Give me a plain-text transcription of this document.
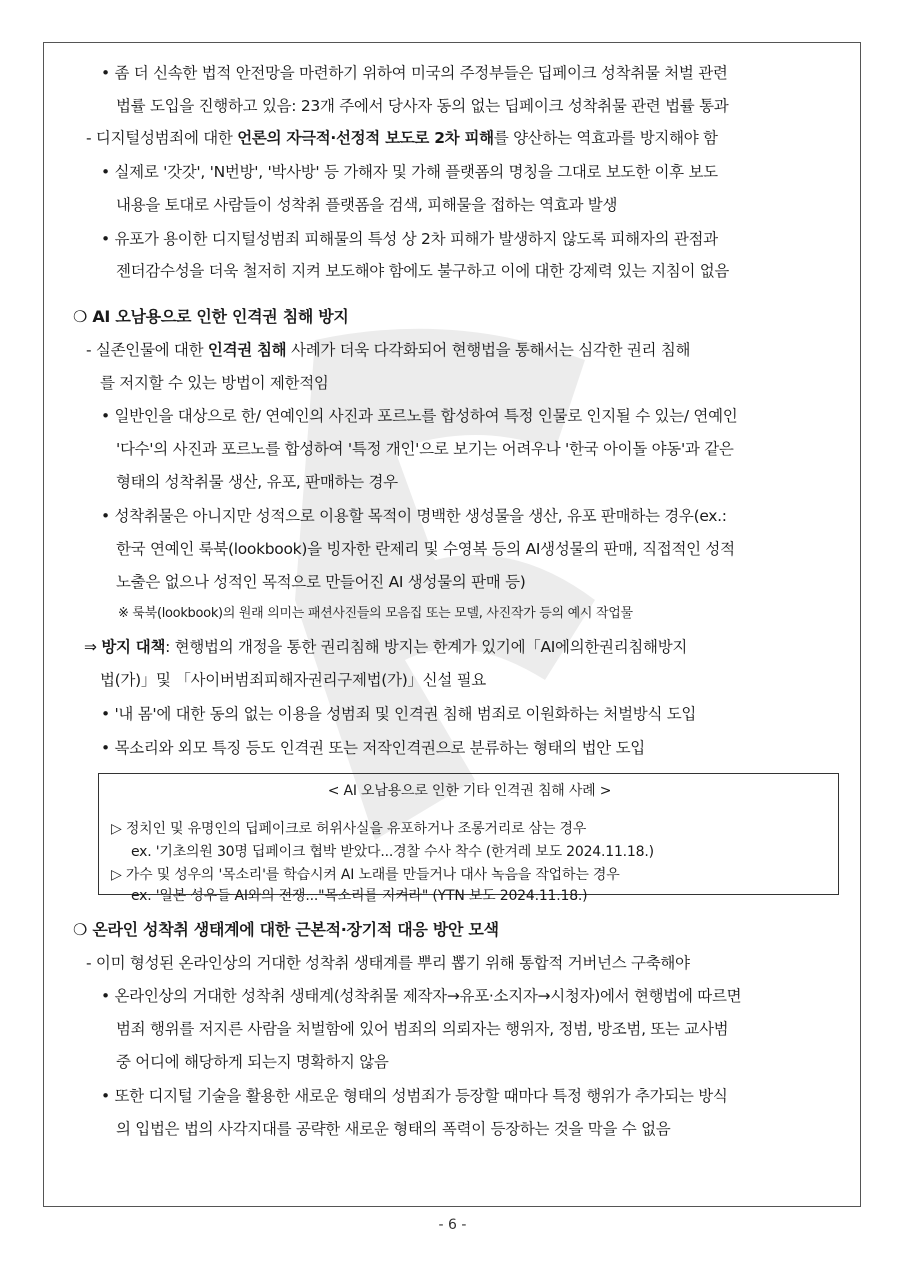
• 좀 더 신속한 법적 안전망을 마련하기 위하여 미국의 주정부들은 딥페이크 성착취물 처벌 관련
법률 도입을 진행하고 있음: 23개 주에서 당사자 동의 없는 딥페이크 성착취물 관련 법률 통과
- 디지털성범죄에 대한 언론의 자극적·선정적 보도로 2차 피해를 양산하는 역효과를 방지해야 함
• 실제로 '갓갓', 'N번방', '박사방' 등 가해자 및 가해 플랫폼의 명칭을 그대로 보도한 이후 보도
내용을 토대로 사람들이 성착취 플랫폼을 검색, 피해물을 접하는 역효과 발생
• 유포가 용이한 디지털성범죄 피해물의 특성 상 2차 피해가 발생하지 않도록 피해자의 관점과
젠더감수성을 더욱 철저히 지켜 보도해야 함에도 불구하고 이에 대한 강제력 있는 지침이 없음
❍ AI 오남용으로 인한 인격권 침해 방지
- 실존인물에 대한 인격권 침해 사례가 더욱 다각화되어 현행법을 통해서는 심각한 권리 침해
를 저지할 수 있는 방법이 제한적임
• 일반인을 대상으로 한/ 연예인의 사진과 포르노를 합성하여 특정 인물로 인지될 수 있는/ 연예인
'다수'의 사진과 포르노를 합성하여 '특정 개인'으로 보기는 어려우나 '한국 아이돌 야동'과 같은
형태의 성착취물 생산, 유포, 판매하는 경우
• 성착취물은 아니지만 성적으로 이용할 목적이 명백한 생성물을 생산, 유포 판매하는 경우(ex.:
한국 연예인 룩북(lookbook)을 빙자한 란제리 및 수영복 등의 AI생성물의 판매, 직접적인 성적
노출은 없으나 성적인 목적으로 만들어진 AI 생성물의 판매 등)
※ 룩북(lookbook)의 원래 의미는 패션사진들의 모음집 또는 모델, 사진작가 등의 예시 작업물
⇒ 방지 대책: 현행법의 개정을 통한 권리침해 방지는 한계가 있기에「AI에의한권리침해방지
법(가)」및 「사이버범죄피해자권리구제법(가)」신설 필요
• '내 몸'에 대한 동의 없는 이용을 성범죄 및 인격권 침해 범죄로 이원화하는 처벌방식 도입
• 목소리와 외모 특징 등도 인격권 또는 저작인격권으로 분류하는 형태의 법안 도입
< AI 오남용으로 인한 기타 인격권 침해 사례 >
▷ 정치인 및 유명인의 딥페이크로 허위사실을 유포하거나 조롱거리로 삼는 경우
ex. '기초의원 30명 딥페이크 협박 받았다...경찰 수사 착수 (한겨레 보도 2024.11.18.)
▷ 가수 및 성우의 '목소리'를 학습시켜 AI 노래를 만들거나 대사 녹음을 작업하는 경우
ex. '일본 성우들 AI와의 전쟁..."목소리를 지켜라" (YTN 보도 2024.11.18.)
❍ 온라인 성착취 생태계에 대한 근본적·장기적 대응 방안 모색
- 이미 형성된 온라인상의 거대한 성착취 생태계를 뿌리 뽑기 위해 통합적 거버넌스 구축해야
• 온라인상의 거대한 성착취 생태계(성착취물 제작자→유포·소지자→시청자)에서 현행법에 따르면
범죄 행위를 저지른 사람을 처벌함에 있어 범죄의 의뢰자는 행위자, 정범, 방조범, 또는 교사범
중 어디에 해당하게 되는지 명확하지 않음
• 또한 디지털 기술을 활용한 새로운 형태의 성범죄가 등장할 때마다 특정 행위가 추가되는 방식
의 입법은 법의 사각지대를 공략한 새로운 형태의 폭력이 등장하는 것을 막을 수 없음
- 6 -
